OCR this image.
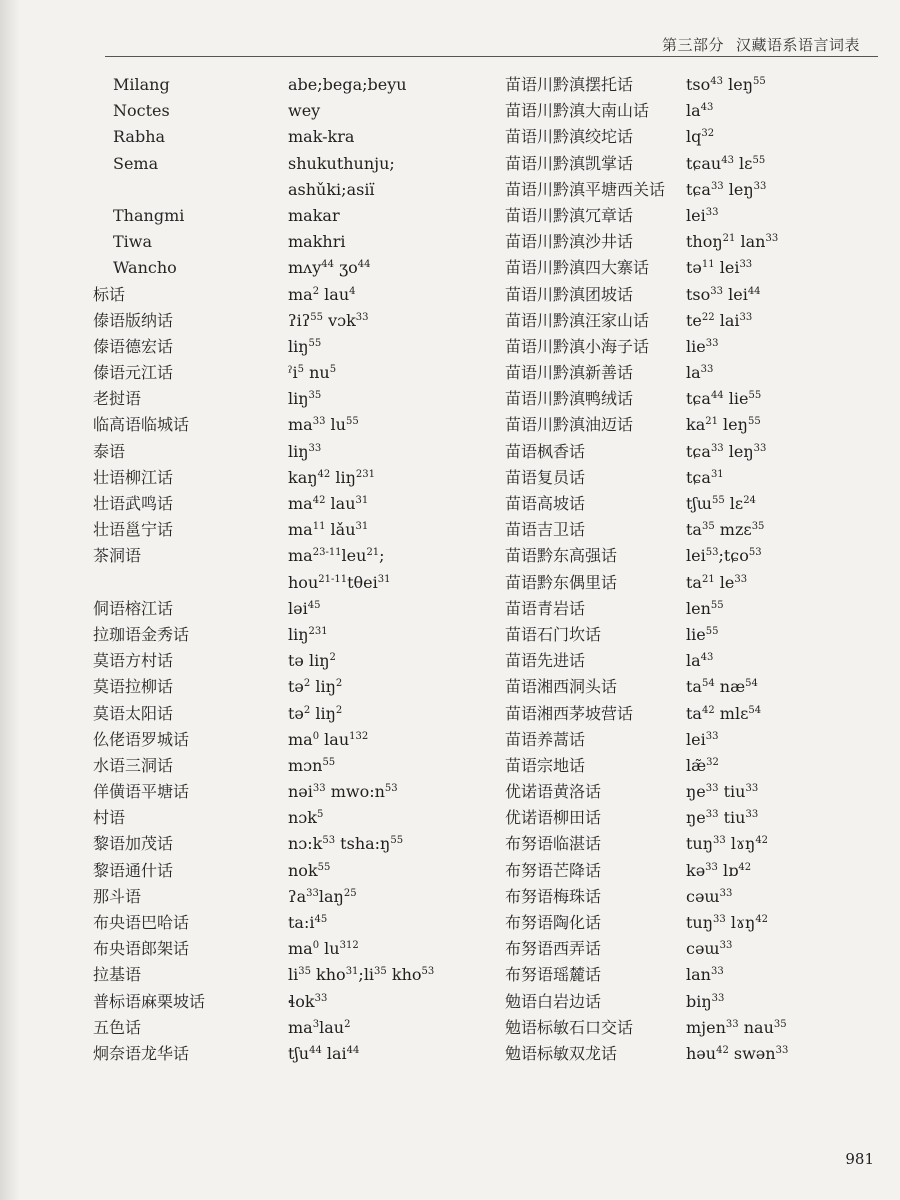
第三部分 汉藏语系语言词表
Milang
Noctes
Rabha
Sema
Thangmi
Tiwa
Wancho
标话
傣语版纳话
傣语德宏话
傣语元江话
老挝语
临高语临城话
泰语
壮语柳江话
壮语武鸣话
壮语邕宁话
茶洞语
侗语榕江话
拉珈语金秀话
莫语方村话
莫语拉柳话
莫语太阳话
仫佬语罗城话
水语三洞话
佯僙语平塘话
村语
黎语加茂话
黎语通什话
那斗语
布央语巴哈话
布央语郎架话
拉基语
普标语麻栗坡话
五色话
炯奈语龙华话
abe;bega;beyu
wey
mak-kra
shukuthunju;
ashǔki;asiï
makar
makhri
mʌy$^{44}$ ʒo$^{44}$
$ma^2$ lau$^4$
ʔiʔ$^{55}$ vɔk$^{33}$
liŋ$^{55}$
ˀi$^5$ $nu^5$
liŋ$^{35}$
$ma^{33}$ $lu^{55}$
liŋ$^{33}$
kaŋ$^{42}$ liŋ$^{231}$
$ma^{42}$ lau$^{31}$
$ma^{11}$ lǎu$^{31}$
$ma^{23-11}leu^{21}$;
hou$^{21-11}$tθei$^{31}$
ləi$^{45}$
liŋ$^{231}$
tə liŋ$^2$
tə$^2$ liŋ$^2$
tə$^2$ liŋ$^2$
$ma^0$ lau$^{132}$
mɔn$^{55}$
nəi$^{33}$ $mwo:n^{53}$
nɔk$^5$
$nɔ:k^{53}$ $tsha:ŋ^{55}$
nok$^{55}$
ʔa$^{33}$laŋ$^{25}$
$ta:i^{45}$
$ma^0$ $lu^{312}$
$li^{35}$ $kho^{31};li^{35}$ kho$^{53}$
ɬok$^{33}$
$ma^3lau^2$
tʃu$^{44}$ lai$^{44}$
苗语川黔滇摆托话
苗语川黔滇大南山话
苗语川黔滇绞坨话
苗语川黔滇凯掌话
苗语川黔滇平塘西关话
苗语川黔滇冗章话
苗语川黔滇沙井话
苗语川黔滇四大寨话
苗语川黔滇团坡话
苗语川黔滇汪家山话
苗语川黔滇小海子话
苗语川黔滇新善话
苗语川黔滇鸭绒话
苗语川黔滇油迈话
苗语枫香话
苗语复员话
苗语高坡话
苗语吉卫话
苗语黔东高强话
苗语黔东偶里话
苗语青岩话
苗语石门坎话
苗语先进话
苗语湘西洞头话
苗语湘西茅坡营话
苗语养蒿话
苗语宗地话
优诺语黄洛话
优诺语柳田话
布努语临湛话
布努语芒降话
布努语梅珠话
布努语陶化话
布努语西弄话
布努语瑶麓话
勉语白岩边话
勉语标敏石口交话
勉语标敏双龙话
tso$^{43}$ leŋ$^{55}$
$la^{43}$
$lq^{32}$
tɕau$^{43}$ lɛ$^{55}$
tɕa$^{33}$ leŋ$^{33}$
lei$^{33}$
thoŋ$^{21}$ lan$^{33}$
tə$^{11}$ lei$^{33}$
tso$^{33}$ lei$^{44}$
$te^{22}$ lai$^{33}$
lie$^{33}$
$la^{33}$
tɕa$^{44}$ lie$^{55}$
$ka^{21}$ leŋ$^{55}$
tɕa$^{33}$ leŋ$^{33}$
tɕa$^{31}$
tʃɯ$^{55}$ lɛ$^{24}$
$ta^{35}$ mzɛ$^{35}$
lei$^{53}$;tɕo$^{53}$
$ta^{21}$ $le^{33}$
len$^{55}$
lie$^{55}$
$la^{43}$
$ta^{54}$ $næ^{54}$
$ta^{42}$ mlɛ$^{54}$
lei$^{33}$
læ̃$^{32}$
$ŋe^{33}$ tiu$^{33}$
$ŋe^{33}$ tiu$^{33}$
tuŋ$^{33}$ lɤŋ$^{42}$
kə$^{33}$ lɒ$^{42}$
cəɯ$^{33}$
tuŋ$^{33}$ lɤŋ$^{42}$
cəɯ$^{33}$
lan$^{33}$
biŋ$^{33}$
mjen$^{33}$ nau$^{35}$
həu$^{42}$ swən$^{33}$
981
